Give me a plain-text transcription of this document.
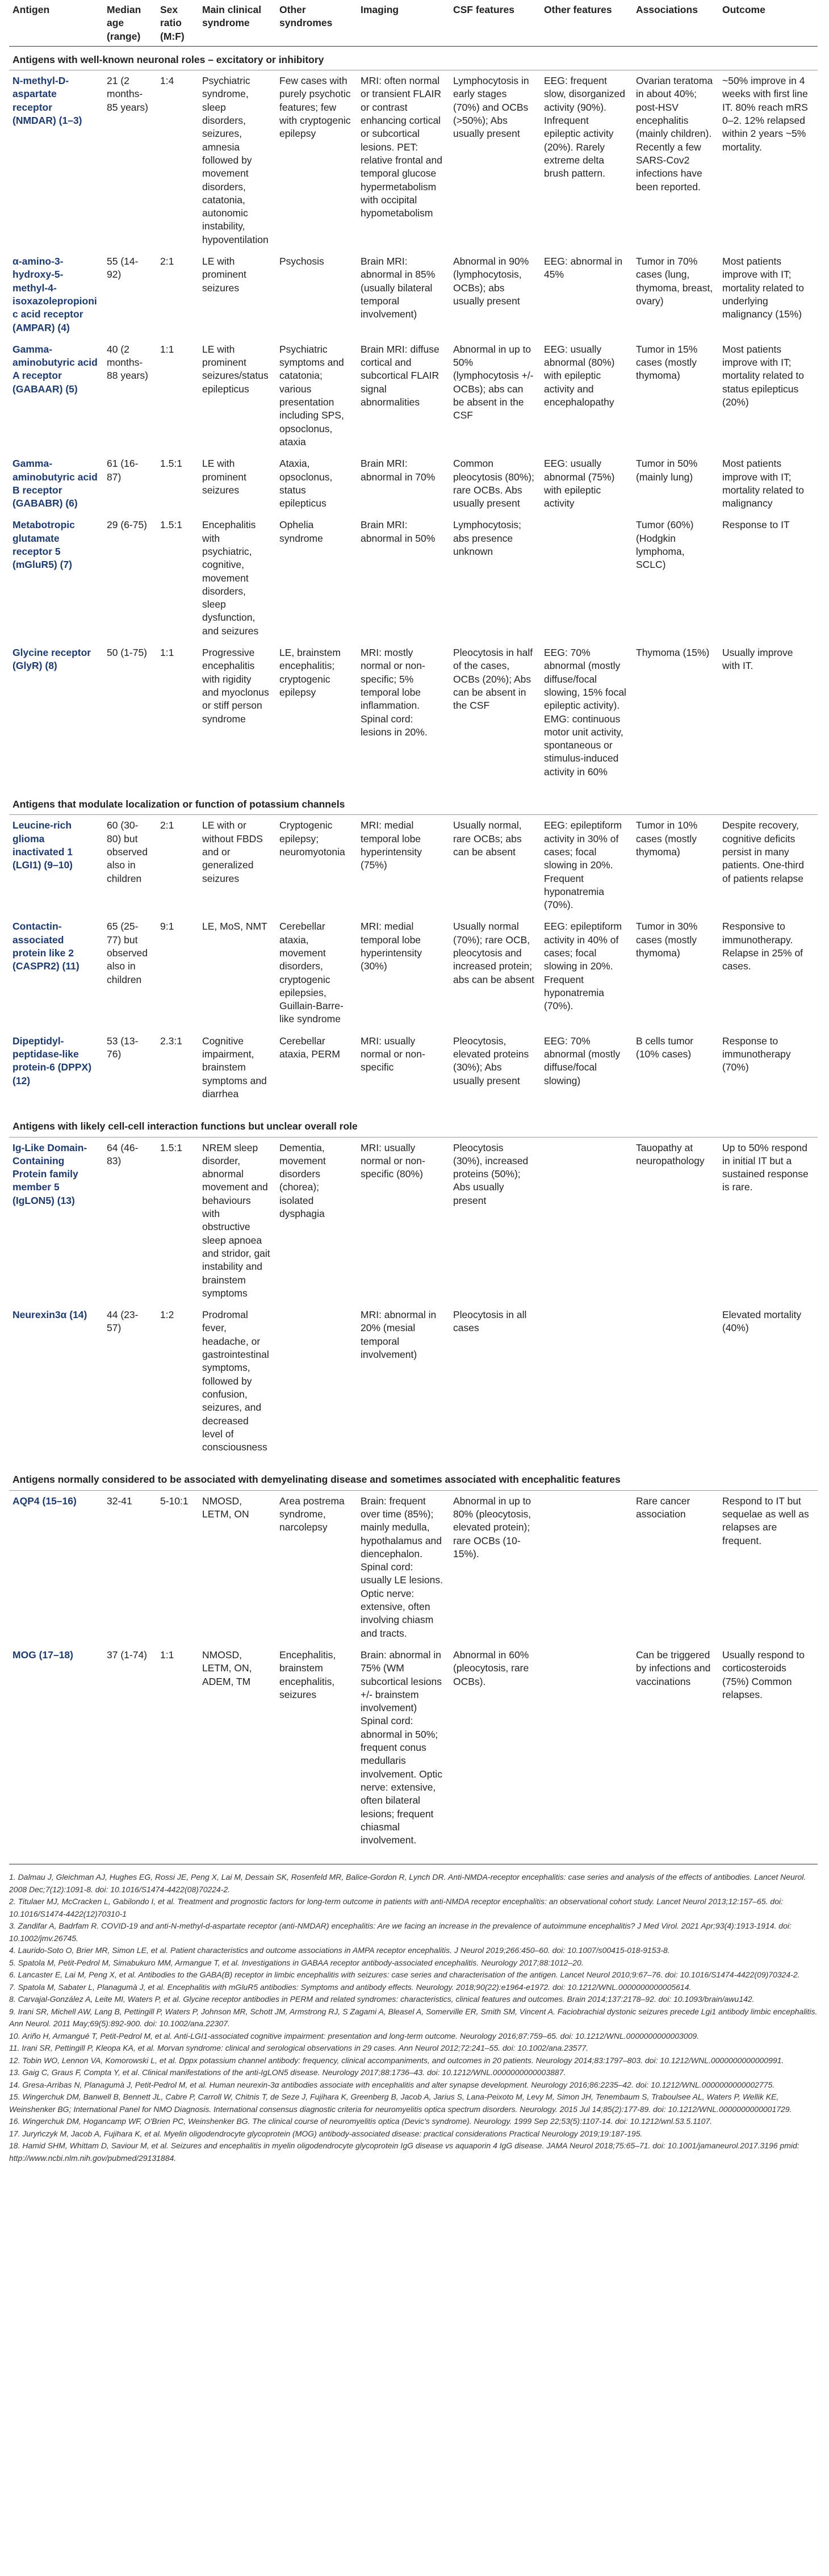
Antigen	Median age (range)	Sex ratio (M:F)	Main clinical syndrome	Other syndromes	Imaging	CSF features	Other features	Associations	Outcome
Antigens with well-known neuronal roles – excitatory or inhibitory									
N-methyl-D-aspartate receptor (NMDAR) (1–3)	21 (2 months-85 years)	1:4	Psychiatric syndrome, sleep disorders, seizures, amnesia followed by movement disorders, catatonia, autonomic instability, hypoventilation	Few cases with purely psychotic features; few with cryptogenic epilepsy	MRI: often normal or transient FLAIR or contrast enhancing cortical or subcortical lesions. PET: relative frontal and temporal glucose hypermetabolism with occipital hypometabolism	Lymphocytosis in early stages (70%) and OCBs (>50%); Abs usually present	EEG: frequent slow, disorganized activity (90%). Infrequent epileptic activity (20%). Rarely extreme delta brush pattern.	Ovarian teratoma in about 40%; post-HSV encephalitis (mainly children). Recently a few SARS-Cov2 infections have been reported.	~50% improve in 4 weeks with first line IT. 80% reach mRS 0–2. 12% relapsed within 2 years ~5% mortality.
α-amino-3-hydroxy-5-methyl-4-isoxazolepropionic acid receptor (AMPAR) (4)	55 (14-92)	2:1	LE with prominent seizures	Psychosis	Brain MRI: abnormal in 85% (usually bilateral temporal involvement)	Abnormal in 90% (lymphocytosis, OCBs); abs usually present	EEG: abnormal in 45%	Tumor in 70% cases (lung, thymoma, breast, ovary)	Most patients improve with IT; mortality related to underlying malignancy (15%)
Gamma-aminobutyric acid A receptor (GABAAR) (5)	40 (2 months-88 years)	1:1	LE with prominent seizures/status epilepticus	Psychiatric symptoms and catatonia; various presentation including SPS, opsoclonus, ataxia	Brain MRI: diffuse cortical and subcortical FLAIR signal abnormalities	Abnormal in up to 50% (lymphocytosis +/- OCBs); abs can be absent in the CSF	EEG: usually abnormal (80%) with epileptic activity and encephalopathy	Tumor in 15% cases (mostly thymoma)	Most patients improve with IT; mortality related to status epilepticus (20%)
Gamma-aminobutyric acid B receptor (GABABR) (6)	61 (16-87)	1.5:1	LE with prominent seizures	Ataxia, opsoclonus, status epilepticus	Brain MRI: abnormal in 70%	Common pleocytosis (80%); rare OCBs. Abs usually present	EEG: usually abnormal (75%) with epileptic activity	Tumor in 50% (mainly lung)	Most patients improve with IT; mortality related to malignancy
Metabotropic glutamate receptor 5 (mGluR5) (7)	29 (6-75)	1.5:1	Encephalitis with psychiatric, cognitive, movement disorders, sleep dysfunction, and seizures	Ophelia syndrome	Brain MRI: abnormal in 50%	Lymphocytosis; abs presence unknown		Tumor (60%) (Hodgkin lymphoma, SCLC)	Response to IT
Glycine receptor (GlyR) (8)	50 (1-75)	1:1	Progressive encephalitis with rigidity and myoclonus or stiff person syndrome	LE, brainstem encephalitis; cryptogenic epilepsy	MRI: mostly normal or non-specific; 5% temporal lobe inflammation. Spinal cord: lesions in 20%.	Pleocytosis in half of the cases, OCBs (20%); Abs can be absent in the CSF	EEG: 70% abnormal (mostly diffuse/focal slowing, 15% focal epileptic activity). EMG: continuous motor unit activity, spontaneous or stimulus-induced activity in 60%	Thymoma (15%)	Usually improve with IT.
Antigens that modulate localization or function of potassium channels									
Leucine-rich glioma inactivated 1 (LGI1) (9–10)	60 (30-80) but observed also in children	2:1	LE with or without FBDS and or generalized seizures	Cryptogenic epilepsy; neuromyotonia	MRI: medial temporal lobe hyperintensity (75%)	Usually normal, rare OCBs; abs can be absent	EEG: epileptiform activity in 30% of cases; focal slowing in 20%. Frequent hyponatremia (70%).	Tumor in 10% cases (mostly thymoma)	Despite recovery, cognitive deficits persist in many patients. One-third of patients relapse
Contactin-associated protein like 2 (CASPR2) (11)	65 (25-77) but observed also in children	9:1	LE, MoS, NMT	Cerebellar ataxia, movement disorders, cryptogenic epilepsies, Guillain-Barre-like syndrome	MRI: medial temporal lobe hyperintensity (30%)	Usually normal (70%); rare OCB, pleocytosis and increased protein; abs can be absent	EEG: epileptiform activity in 40% of cases; focal slowing in 20%. Frequent hyponatremia (70%).	Tumor in 30% cases (mostly thymoma)	Responsive to immunotherapy. Relapse in 25% of cases.
Dipeptidyl-peptidase-like protein-6 (DPPX) (12)	53 (13-76)	2.3:1	Cognitive impairment, brainstem symptoms and diarrhea	Cerebellar ataxia, PERM	MRI: usually normal or non-specific	Pleocytosis, elevated proteins (30%); Abs usually present	EEG: 70% abnormal (mostly diffuse/focal slowing)	B cells tumor (10% cases)	Response to immunotherapy (70%)
Antigens with likely cell-cell interaction functions but unclear overall role									
Ig-Like Domain-Containing Protein family member 5 (IgLON5) (13)	64 (46-83)	1.5:1	NREM sleep disorder, abnormal movement and behaviours with obstructive sleep apnoea and stridor, gait instability and brainstem symptoms	Dementia, movement disorders (chorea); isolated dysphagia	MRI: usually normal or non-specific (80%)	Pleocytosis (30%), increased proteins (50%); Abs usually present		Tauopathy at neuropathology	Up to 50% respond in initial IT but a sustained response is rare.
Neurexin3α (14)	44 (23-57)	1:2	Prodromal fever, headache, or gastrointestinal symptoms, followed by confusion, seizures, and decreased level of consciousness		MRI: abnormal in 20% (mesial temporal involvement)	Pleocytosis in all cases			Elevated mortality (40%)
Antigens normally considered to be associated with demyelinating disease and sometimes associated with encephalitic features									
AQP4 (15–16)	32-41	5-10:1	NMOSD, LETM, ON	Area postrema syndrome, narcolepsy	Brain: frequent over time (85%); mainly medulla, hypothalamus and diencephalon. Spinal cord: usually LE lesions. Optic nerve: extensive, often involving chiasm and tracts.	Abnormal in up to 80% (pleocytosis, elevated protein); rare OCBs (10-15%).		Rare cancer association	Respond to IT but sequelae as well as relapses are frequent.
MOG (17–18)	37 (1-74)	1:1	NMOSD, LETM, ON, ADEM, TM	Encephalitis, brainstem encephalitis, seizures	Brain: abnormal in 75% (WM subcortical lesions +/- brainstem involvement) Spinal cord: abnormal in 50%; frequent conus medullaris involvement. Optic nerve: extensive, often bilateral lesions; frequent chiasmal involvement.	Abnormal in 60% (pleocytosis, rare OCBs).		Can be triggered by infections and vaccinations	Usually respond to corticosteroids (75%) Common relapses.
1. Dalmau J, Gleichman AJ, Hughes EG, Rossi JE, Peng X, Lai M, Dessain SK, Rosenfeld MR, Balice-Gordon R, Lynch DR. Anti-NMDA-receptor encephalitis: case series and analysis of the effects of antibodies. Lancet Neurol. 2008 Dec;7(12):1091-8. doi: 10.1016/S1474-4422(08)70224-2.
2. Titulaer MJ, McCracken L, Gabilondo I, et al. Treatment and prognostic factors for long-term outcome in patients with anti-NMDA receptor encephalitis: an observational cohort study. Lancet Neurol 2013;12:157–65. doi: 10.1016/S1474-4422(12)70310-1
3. Zandifar A, Badrfam R. COVID-19 and anti-N-methyl-d-aspartate receptor (anti-NMDAR) encephalitis: Are we facing an increase in the prevalence of autoimmune encephalitis? J Med Virol. 2021 Apr;93(4):1913-1914. doi: 10.1002/jmv.26745.
4. Laurido-Soto O, Brier MR, Simon LE, et al. Patient characteristics and outcome associations in AMPA receptor encephalitis. J Neurol 2019;266:450–60. doi: 10.1007/s00415-018-9153-8.
5. Spatola M, Petit-Pedrol M, Simabukuro MM, Armangue T, et al. Investigations in GABAA receptor antibody-associated encephalitis. Neurology 2017;88:1012–20.
6. Lancaster E, Lai M, Peng X, et al. Antibodies to the GABA(B) receptor in limbic encephalitis with seizures: case series and characterisation of the antigen. Lancet Neurol 2010;9:67–76. doi: 10.1016/S1474-4422(09)70324-2.
7. Spatola M, Sabater L, Planagumà J, et al. Encephalitis with mGluR5 antibodies: Symptoms and antibody effects. Neurology. 2018;90(22):e1964-e1972. doi: 10.1212/WNL.0000000000005614.
8. Carvajal-González A, Leite MI, Waters P, et al. Glycine receptor antibodies in PERM and related syndromes: characteristics, clinical features and outcomes. Brain 2014;137:2178–92. doi: 10.1093/brain/awu142.
9. Irani SR, Michell AW, Lang B, Pettingill P, Waters P, Johnson MR, Schott JM, Armstrong RJ, S Zagami A, Bleasel A, Somerville ER, Smith SM, Vincent A. Faciobrachial dystonic seizures precede Lgi1 antibody limbic encephalitis. Ann Neurol. 2011 May;69(5):892-900. doi: 10.1002/ana.22307.
10. Ariño H, Armangué T, Petit-Pedrol M, et al. Anti-LGI1-associated cognitive impairment: presentation and long-term outcome. Neurology 2016;87:759–65. doi: 10.1212/WNL.0000000000003009.
11. Irani SR, Pettingill P, Kleopa KA, et al. Morvan syndrome: clinical and serological observations in 29 cases. Ann Neurol 2012;72:241–55. doi: 10.1002/ana.23577.
12. Tobin WO, Lennon VA, Komorowski L, et al. Dppx potassium channel antibody: frequency, clinical accompaniments, and outcomes in 20 patients. Neurology 2014;83:1797–803. doi: 10.1212/WNL.0000000000000991.
13. Gaig C, Graus F, Compta Y, et al. Clinical manifestations of the anti-IgLON5 disease. Neurology 2017;88:1736–43. doi: 10.1212/WNL.0000000000003887.
14. Gresa-Arribas N, Planagumà J, Petit-Pedrol M, et al. Human neurexin-3α antibodies associate with encephalitis and alter synapse development. Neurology 2016;86:2235–42. doi: 10.1212/WNL.0000000000002775.
15. Wingerchuk DM, Banwell B, Bennett JL, Cabre P, Carroll W, Chitnis T, de Seze J, Fujihara K, Greenberg B, Jacob A, Jarius S, Lana-Peixoto M, Levy M, Simon JH, Tenembaum S, Traboulsee AL, Waters P, Wellik KE, Weinshenker BG; International Panel for NMO Diagnosis. International consensus diagnostic criteria for neuromyelitis optica spectrum disorders. Neurology. 2015 Jul 14;85(2):177-89. doi: 10.1212/WNL.0000000000001729.
16. Wingerchuk DM, Hogancamp WF, O'Brien PC, Weinshenker BG. The clinical course of neuromyelitis optica (Devic's syndrome). Neurology. 1999 Sep 22;53(5):1107-14. doi: 10.1212/wnl.53.5.1107.
17. Juryńczyk M, Jacob A, Fujihara K, et al. Myelin oligodendrocyte glycoprotein (MOG) antibody-associated disease: practical considerations Practical Neurology 2019;19:187-195.
18. Hamid SHM, Whittam D, Saviour M, et al. Seizures and encephalitis in myelin oligodendrocyte glycoprotein IgG disease vs aquaporin 4 IgG disease. JAMA Neurol 2018;75:65–71. doi: 10.1001/jamaneurol.2017.3196 pmid: http://www.ncbi.nlm.nih.gov/pubmed/29131884.
